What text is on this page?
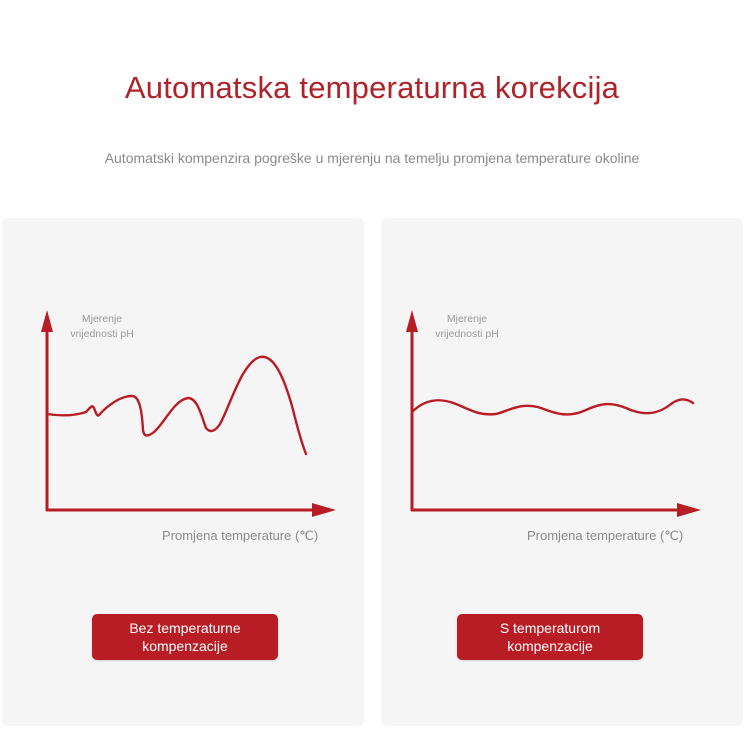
Automatska temperaturna korekcija
Automatski kompenzira pogreške u mjerenju na temelju promjena temperature okoline
Mjerenje
vrijednosti pH
Promjena temperature (℃)
Bez temperaturne
kompenzacije
Mjerenje
vrijednosti pH
Promjena temperature (℃)
S temperaturom
kompenzacije
